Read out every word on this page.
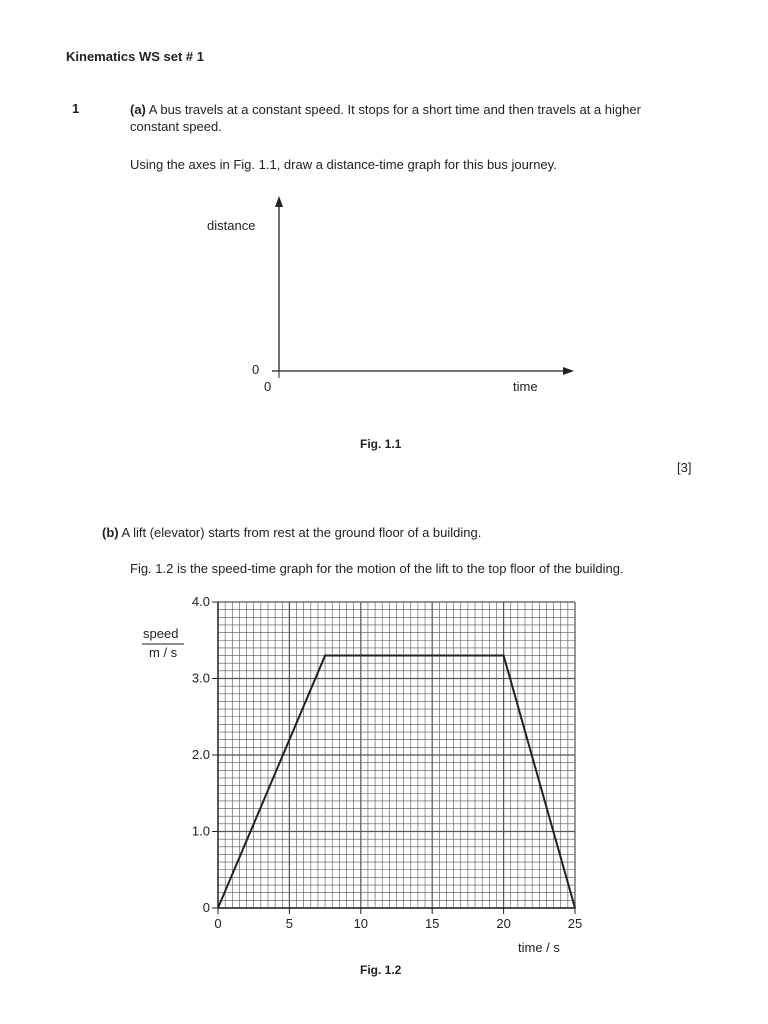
Kinematics WS set # 1
1	(a) A bus travels at a constant speed. It stops for a short time and then travels at a higher constant speed.
Using the axes in Fig. 1.1, draw a distance-time graph for this bus journey.
distance
0
0	time
Fig. 1.1
[3]
(b) A lift (elevator) starts from rest at the ground floor of a building.
Fig. 1.2 is the speed-time graph for the motion of the lift to the top floor of the building.
0	5	10	15	20	25
0
1.0
2.0
3.0
4.0
speed
m / s
time / s
Fig. 1.2
